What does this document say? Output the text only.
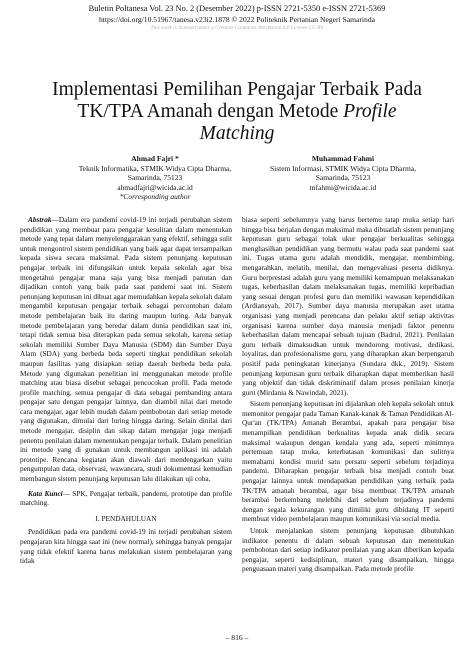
Buletin Poltanesa Vol. 23 No. 2 (Desember 2022) p-ISSN 2721-5350 e-ISSN 2721-5369
https://doi.org/10.51967/tanesa.v23i2.1878 © 2022 Politeknik Pertanian Negeri Samarinda
This work is licensed under a Creative Commons Attribution 4.0 License CC BY
Implementasi Pemilihan Pengajar Terbaik Pada
TK/TPA Amanah dengan Metode Profile
Matching
Ahmad Fajri *
Teknik Informatika, STMIK Widya Cipta Dharma,
Samarinda, 75123
ahmadfajri@wicida.ac.id
*Corresponding author
Muhammad Fahmi
Sistem Informasi, STMIK Widya Cipta Dharma,
Samarinda, 75123
mfahmi@wicida.ac.id

Abstrak—Dalam era pandemi covid-19 ini terjadi perubahan sistem pendidikan yang membuat para pengajar kesulitan dalam menentukan metode yang tepat dalam menyelenggarakan yang efektif, sehingga sulit untuk mengontrol sistem pendidikan yang baik agar dapat tersampaikan kepada siswa secara maksimal. Pada sistem penunjang keputusan pengajar terbaik ini difungsikan untuk kepala sekolah agar bisa mengetahui pengajar mana saja yang bisa menjadi panutan dan dijadikan contoh yang baik pada saat pandemi saat ini. Sistem penunjang keputusan ini dibuat agar memudahkan kepala sekolah dalam mengambil keputusan pengajar terbaik sebagai percontohan dalam metode pembelajaran baik itu daring maupun luring. Ada banyak metode pembelajaran yang beredar dalam dunia pendidikan saat ini, tetapi tidak semua bisa diterapkan pada semua sekolah, karena setiap sekolah memiliki Sumber Daya Manusia (SDM) dan Sumber Daya Alam (SDA) yang berbeda beda seperti tingkat pendidikan sekolah maupun fasilitas yang disiapkan setiap daerah berbeda beda pula. Metode yang digunakan penelitian ini menggunakan metode profile matching atau biasa disebut sebagai pencocokan profil. Pada metode profile matching, semua pengajar di data sebagai pembanding antara pengajar satu dengan pengajar lainnya, dan diambil nilai dari metode cara mengajar, agar lebih mudah dalam pembobotan dari setiap metode yang digunakan, dimulai dari luring hingga daring. Selain dinilai dari metode mengajar, disiplin dan sikap dalam mengajar juga menjadi penentu penilaian dalam menentukan pengajar terbaik. Dalam penelitian ini metode yang di gunakan untuk membangun aplikasi ini adalah prototipe. Rencana kegiatan akan diawali dari mendengarkan yaitu pengumpulan data, observasi, wawancara, studi dokumentasi kemudian membangun sistem penunjang keputusan lalu dilakukan uji coba.

Kata Kunci— SPK, Pengajar terbaik, pandemi, prototipe dan profile matching.

I. PENDAHULUAN

Pendidikan pada era pandemi covid-19 ini terjadi perubahan sistem pengajaran kita hingga saat ini (new normal), sehingga banyak pengajar yang tidak efektif karena harus melakukan sistem pembelajaran yang tidak

biasa seperti sebelumnya yang harus bertemu tatap muka setiap hari hingga bisa berjalan dengan maksimal maka dibuatlah sistem penunjang keputusan guru sebagai tolak ukur pengajar berkualitas sehingga menghasilkan pendidikan yang bermutu walau pada saat pandemi saat ini. Tugas utama guru adalah mendidik, mengajar, membimbing, mengarahkan, melatih, menilai, dan mengevaluasi peserta didiknya. Guru berprestasi adalah guru yang memiliki kemampuan melaksanakan tugas, keberhasilan dalam melaksanakan tugas, memiliki kepribadian yang sesuai dengan profesi guru dan memiliki wawasan kependidikan (Ardiansyah, 2017). Sumber daya manusia merupakan aset utama organisasi yang menjadi perencana dan pelaku aktif setiap aktivitas organisasi karena sumber daya manusia menjadi faktor penentu keberhasilan dalam mencapai sebuah tujuan (Badrul, 2021). Penilaian guru terbaik dimaksudkan untuk mendorong motivasi, dedikasi, loyalitas, dan profesionalisme guru, yang diharapkan akan berpengaruh positif pada peningkatan kinerjanya (Sundara dkk., 2019). Sistem penunjang keputusan guru terbaik diharapkan dapat memberikan hasil yang objektif dan tidak diskriminatif dalam proses penilaian kinerja guru (Mirdania & Nawindah, 2021).

Sistem penunjang keputusan ini dijalankan oleh kepala sekolah untuk memonitor pengajar pada Taman Kanak-kanak & Taman Pendidikan Al-Qur'an (TK/TPA) Amanah Berambai, apakah para pengajar bisa menampilkan pendidikan berkualitas kepada anak didik secara maksimal walaupun dengan kendala yang ada, seperti minimnya pertemuan tatap muka, keterbatasan komunikasi dan sulitnya memahami kondisi murid satu persatu seperti sebelum terjadinya pandemi. Diharapkan pengajar terbaik bisa menjadi contoh buat pengajar lainnya untuk mendapatkan pendidikan yang terbaik pada TK/TPA amanah berambai, agar bisa membuat TK/TPA amanah berambai berkembang melebihi dari sebelum terjadinya pandemi dengan segala kekurangan yang dimiliki guru dibidang IT seperti membuat video pembelajaran maupun komunikasi via social media.

Untuk menjalankan sistem penunjang keputusan dibutuhkan indikator penentu di dalam sebuah keputusan dan menentukan pembobotan dari setiap indikator penilaian yang akan diberikan kepada pengajar, seperti kedisiplinan, materi yang disampaikan, hingga penguasaan materi yang disampaikan. Pada metode profile

– 816 –
